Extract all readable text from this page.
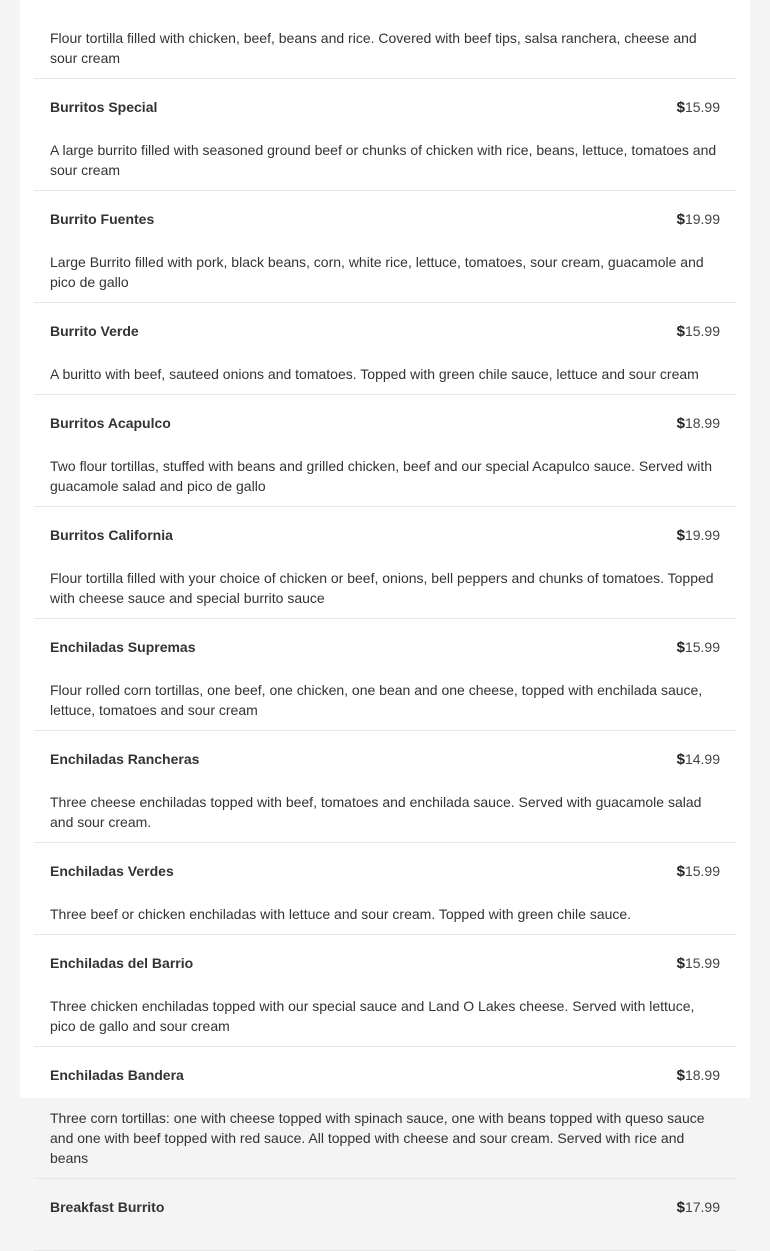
Flour tortilla filled with chicken, beef, beans and rice. Covered with beef tips, salsa ranchera, cheese and sour cream
Burritos Special	$15.99
A large burrito filled with seasoned ground beef or chunks of chicken with rice, beans, lettuce, tomatoes and sour cream
Burrito Fuentes	$19.99
Large Burrito filled with pork, black beans, corn, white rice, lettuce, tomatoes, sour cream, guacamole and pico de gallo
Burrito Verde	$15.99
A buritto with beef, sauteed onions and tomatoes. Topped with green chile sauce, lettuce and sour cream
Burritos Acapulco	$18.99
Two flour tortillas, stuffed with beans and grilled chicken, beef and our special Acapulco sauce. Served with guacamole salad and pico de gallo
Burritos California	$19.99
Flour tortilla filled with your choice of chicken or beef, onions, bell peppers and chunks of tomatoes. Topped with cheese sauce and special burrito sauce
Enchiladas Supremas	$15.99
Flour rolled corn tortillas, one beef, one chicken, one bean and one cheese, topped with enchilada sauce, lettuce, tomatoes and sour cream
Enchiladas Rancheras	$14.99
Three cheese enchiladas topped with beef, tomatoes and enchilada sauce. Served with guacamole salad and sour cream.
Enchiladas Verdes	$15.99
Three beef or chicken enchiladas with lettuce and sour cream. Topped with green chile sauce.
Enchiladas del Barrio	$15.99
Three chicken enchiladas topped with our special sauce and Land O Lakes cheese. Served with lettuce, pico de gallo and sour cream
Enchiladas Bandera	$18.99
Three corn tortillas: one with cheese topped with spinach sauce, one with beans topped with queso sauce and one with beef topped with red sauce. All topped with cheese and sour cream. Served with rice and beans
Breakfast Burrito	$17.99
